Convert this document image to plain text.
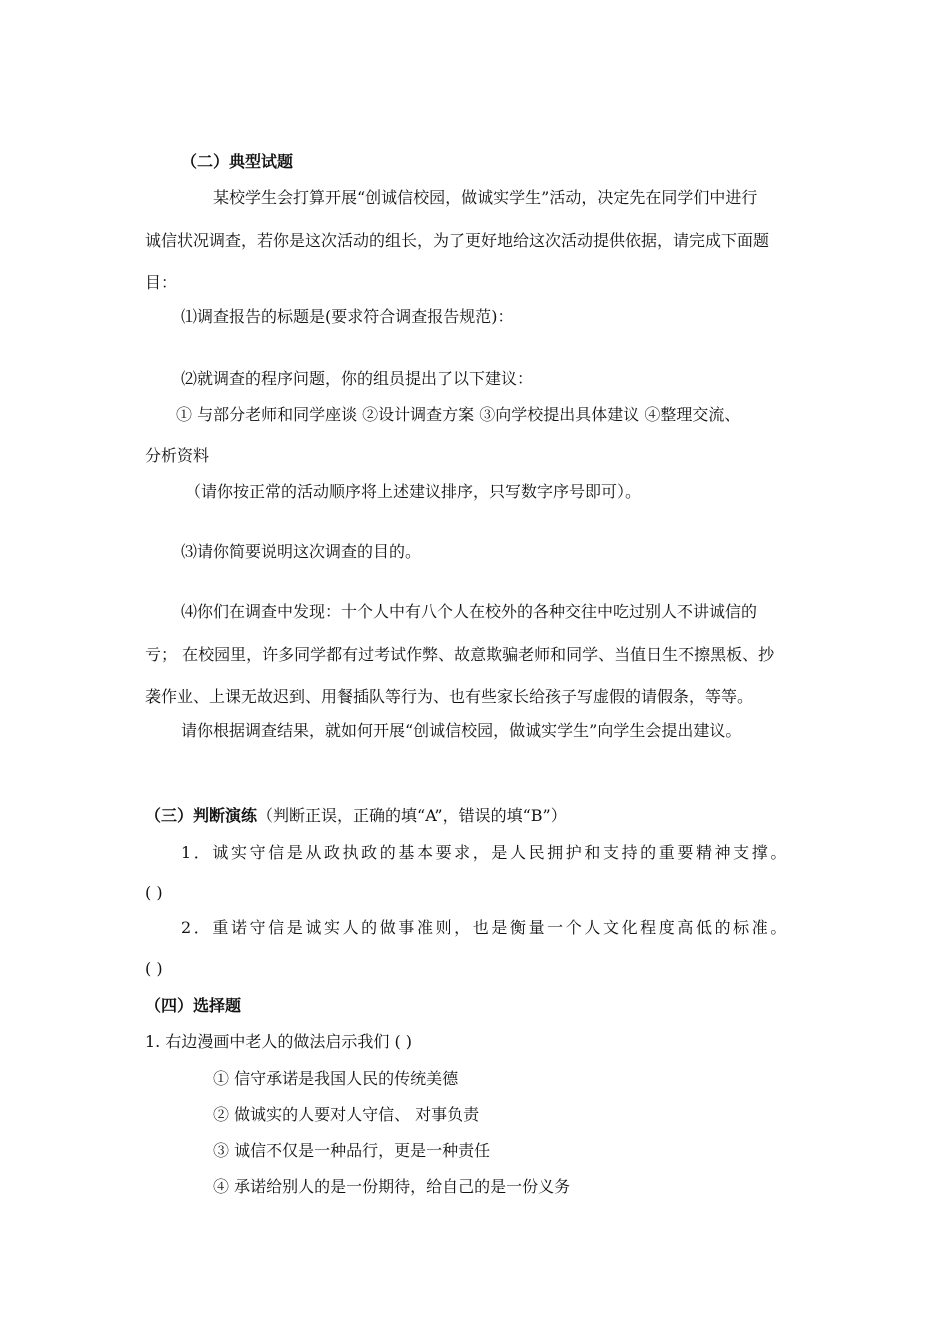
（二）典型试题
某校学生会打算开展“创诚信校园，做诚实学生”活动，决定先在同学们中进行
诚信状况调查，若你是这次活动的组长，为了更好地给这次活动提供依据，请完成下面题
目：
⑴调查报告的标题是(要求符合调查报告规范)：
⑵就调查的程序问题，你的组员提出了以下建议：
① 与部分老师和同学座谈 ②设计调查方案 ③向学校提出具体建议 ④整理交流、
分析资料
（请你按正常的活动顺序将上述建议排序，只写数字序号即可）。
⑶请你简要说明这次调查的目的。
⑷你们在调查中发现：十个人中有八个人在校外的各种交往中吃过别人不讲诚信的
亏； 在校园里，许多同学都有过考试作弊、故意欺骗老师和同学、当值日生不擦黑板、抄
袭作业、上课无故迟到、用餐插队等行为、也有些家长给孩子写虚假的请假条，等等。
请你根据调查结果，就如何开展“创诚信校园，做诚实学生”向学生会提出建议。
（三）判断演练（判断正误，正确的填“A”，错误的填“B”）
1．诚实守信是从政执政的基本要求，是人民拥护和支持的重要精神支撑。
( )
2．重诺守信是诚实人的做事准则，也是衡量一个人文化程度高低的标准。
( )
（四）选择题
1. 右边漫画中老人的做法启示我们 ( )
① 信守承诺是我国人民的传统美德
② 做诚实的人要对人守信、 对事负责
③ 诚信不仅是一种品行，更是一种责任
④ 承诺给别人的是一份期待，给自己的是一份义务
